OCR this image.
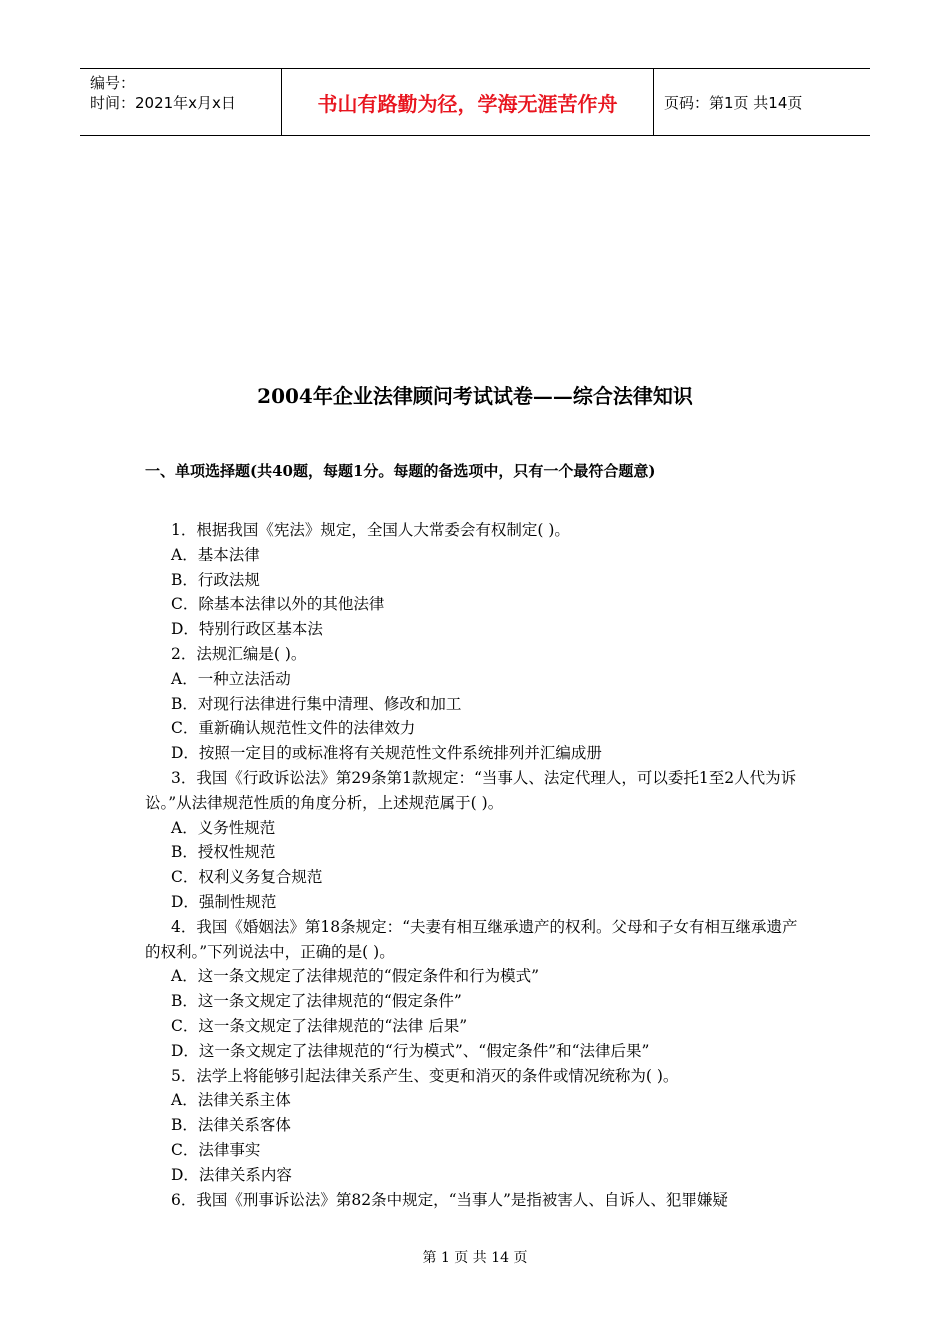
编号：
时间：2021年x月x日	书山有路勤为径，学海无涯苦作舟	页码：第1页 共14页
2004年企业法律顾问考试试卷——综合法律知识
一、单项选择题(共40题，每题1分。每题的备选项中，只有一个最符合题意)
1．根据我国《宪法》规定，全国人大常委会有权制定( )。
A．基本法律
B．行政法规
C．除基本法律以外的其他法律
D．特别行政区基本法
2．法规汇编是( )。
A．一种立法活动
B．对现行法律进行集中清理、修改和加工
C．重新确认规范性文件的法律效力
D．按照一定目的或标准将有关规范性文件系统排列并汇编成册
3．我国《行政诉讼法》第29条第1款规定：“当事人、法定代理人，可以委托1至2人代为诉讼。”从法律规范性质的角度分析，上述规范属于( )。
A．义务性规范
B．授权性规范
C．权利义务复合规范
D．强制性规范
4．我国《婚姻法》第18条规定：“夫妻有相互继承遗产的权利。父母和子女有相互继承遗产的权利。”下列说法中，正确的是( )。
A．这一条文规定了法律规范的“假定条件和行为模式”
B．这一条文规定了法律规范的“假定条件”
C．这一条文规定了法律规范的“法律 后果”
D．这一条文规定了法律规范的“行为模式”、“假定条件”和“法律后果”
5．法学上将能够引起法律关系产生、变更和消灭的条件或情况统称为( )。
A．法律关系主体
B．法律关系客体
C．法律事实
D．法律关系内容
6．我国《刑事诉讼法》第82条中规定，“当事人”是指被害人、自诉人、犯罪嫌疑
第 1 页 共 14 页
